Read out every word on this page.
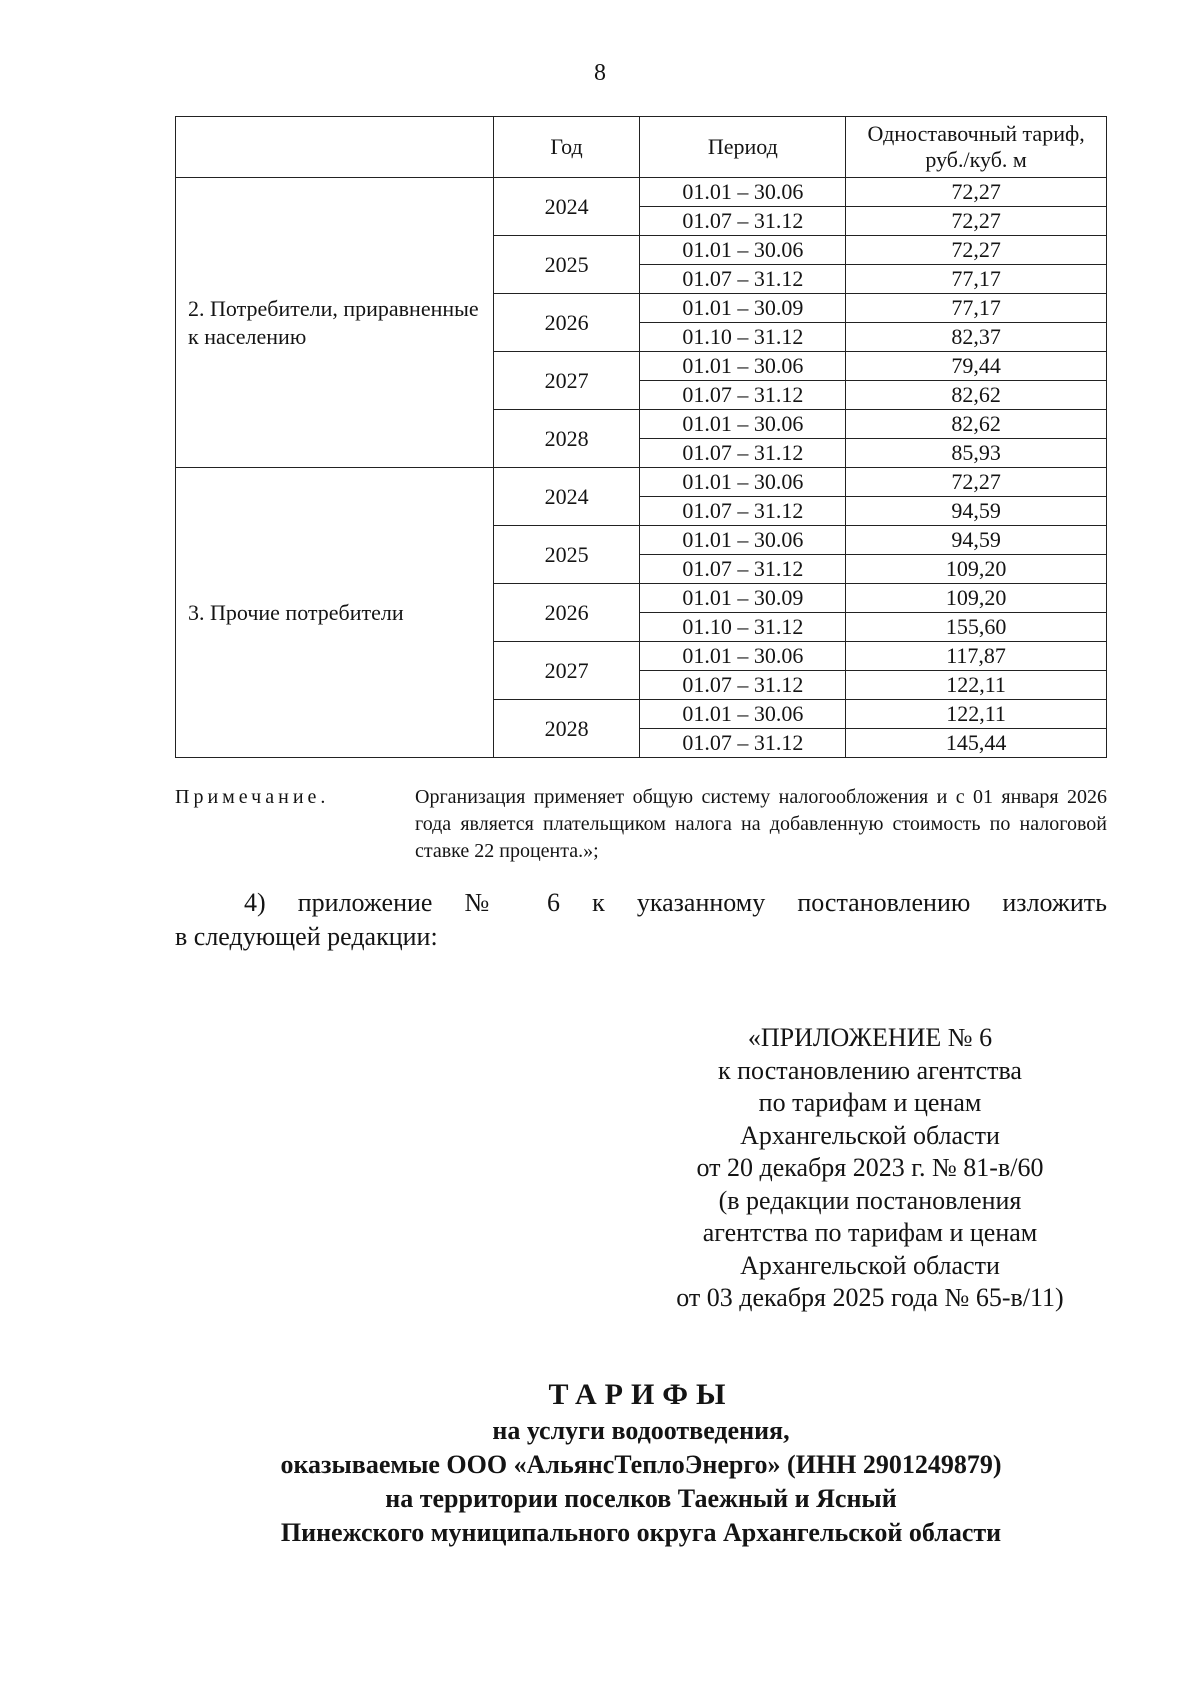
8
	Год	Период	Одноставочный тариф, руб./куб. м
2. Потребители, приравненные к населению	2024	01.01 – 30.06	72,27
		01.07 – 31.12	72,27
	2025	01.01 – 30.06	72,27
		01.07 – 31.12	77,17
	2026	01.01 – 30.09	77,17
		01.10 – 31.12	82,37
	2027	01.01 – 30.06	79,44
		01.07 – 31.12	82,62
	2028	01.01 – 30.06	82,62
		01.07 – 31.12	85,93
3. Прочие потребители	2024	01.01 – 30.06	72,27
		01.07 – 31.12	94,59
	2025	01.01 – 30.06	94,59
		01.07 – 31.12	109,20
	2026	01.01 – 30.09	109,20
		01.10 – 31.12	155,60
	2027	01.01 – 30.06	117,87
		01.07 – 31.12	122,11
	2028	01.01 – 30.06	122,11
		01.07 – 31.12	145,44
Примечание.	Организация применяет общую систему налогообложения и с 01 января 2026 года является плательщиком налога на добавленную стоимость по налоговой ставке 22 процента.»;
4) приложение № 6 к указанному постановлению изложить
в следующей редакции:
«ПРИЛОЖЕНИЕ № 6
к постановлению агентства
по тарифам и ценам
Архангельской области
от 20 декабря 2023 г. № 81-в/60
(в редакции постановления
агентства по тарифам и ценам
Архангельской области
от 03 декабря 2025 года № 65-в/11)
ТАРИФЫ
на услуги водоотведения,
оказываемые ООО «АльянсТеплоЭнерго» (ИНН 2901249879)
на территории поселков Таежный и Ясный
Пинежского муниципального округа Архангельской области
